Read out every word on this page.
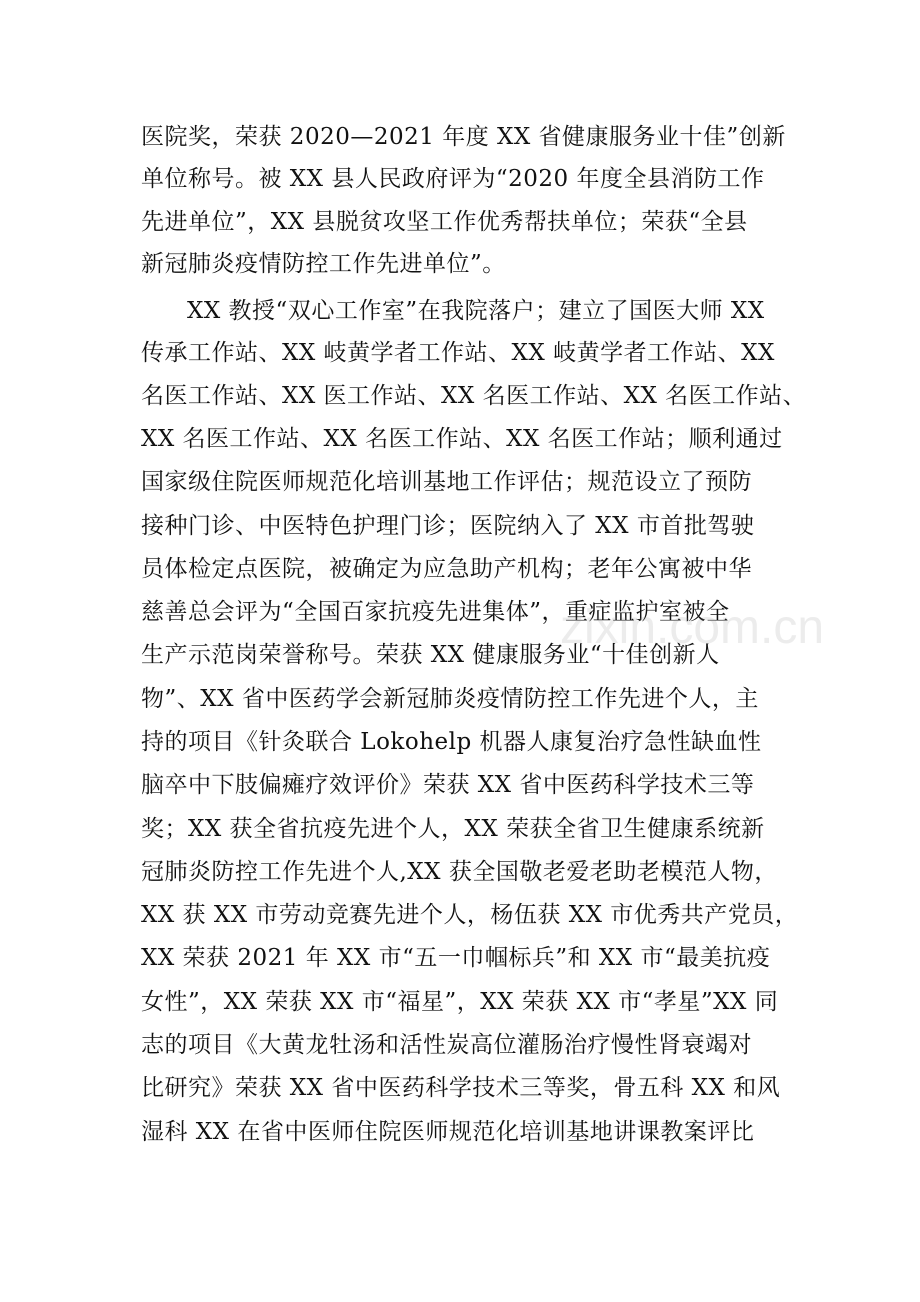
医院奖，荣获 2020—2021 年度 XX 省健康服务业十佳”创新
单位称号。被 XX 县人民政府评为“2020 年度全县消防工作
先进单位”，XX 县脱贫攻坚工作优秀帮扶单位；荣获“全县
新冠肺炎疫情防控工作先进单位”。
XX 教授“双心工作室”在我院落户；建立了国医大师 XX
传承工作站、XX 岐黄学者工作站、XX 岐黄学者工作站、XX
名医工作站、XX 医工作站、XX 名医工作站、XX 名医工作站、
XX 名医工作站、XX 名医工作站、XX 名医工作站；顺利通过
国家级住院医师规范化培训基地工作评估；规范设立了预防
接种门诊、中医特色护理门诊；医院纳入了 XX 市首批驾驶
员体检定点医院，被确定为应急助产机构；老年公寓被中华
慈善总会评为“全国百家抗疫先进集体”，重症监护室被全
生产示范岗荣誉称号。荣获 XX 健康服务业“十佳创新人
物”、XX 省中医药学会新冠肺炎疫情防控工作先进个人，主
持的项目《针灸联合 Lokohelp 机器人康复治疗急性缺血性
脑卒中下肢偏瘫疗效评价》荣获 XX 省中医药科学技术三等
奖；XX 获全省抗疫先进个人，XX 荣获全省卫生健康系统新
冠肺炎防控工作先进个人,XX 获全国敬老爱老助老模范人物，
XX 获 XX 市劳动竞赛先进个人，杨伍获 XX 市优秀共产党员，
XX 荣获 2021 年 XX 市“五一巾帼标兵”和 XX 市“最美抗疫
女性”，XX 荣获 XX 市“福星”，XX 荣获 XX 市“孝星”XX 同
志的项目《大黄龙牡汤和活性炭高位灌肠治疗慢性肾衰竭对
比研究》荣获 XX 省中医药科学技术三等奖，骨五科 XX 和风
湿科 XX 在省中医师住院医师规范化培训基地讲课教案评比
zixin.com.cn
